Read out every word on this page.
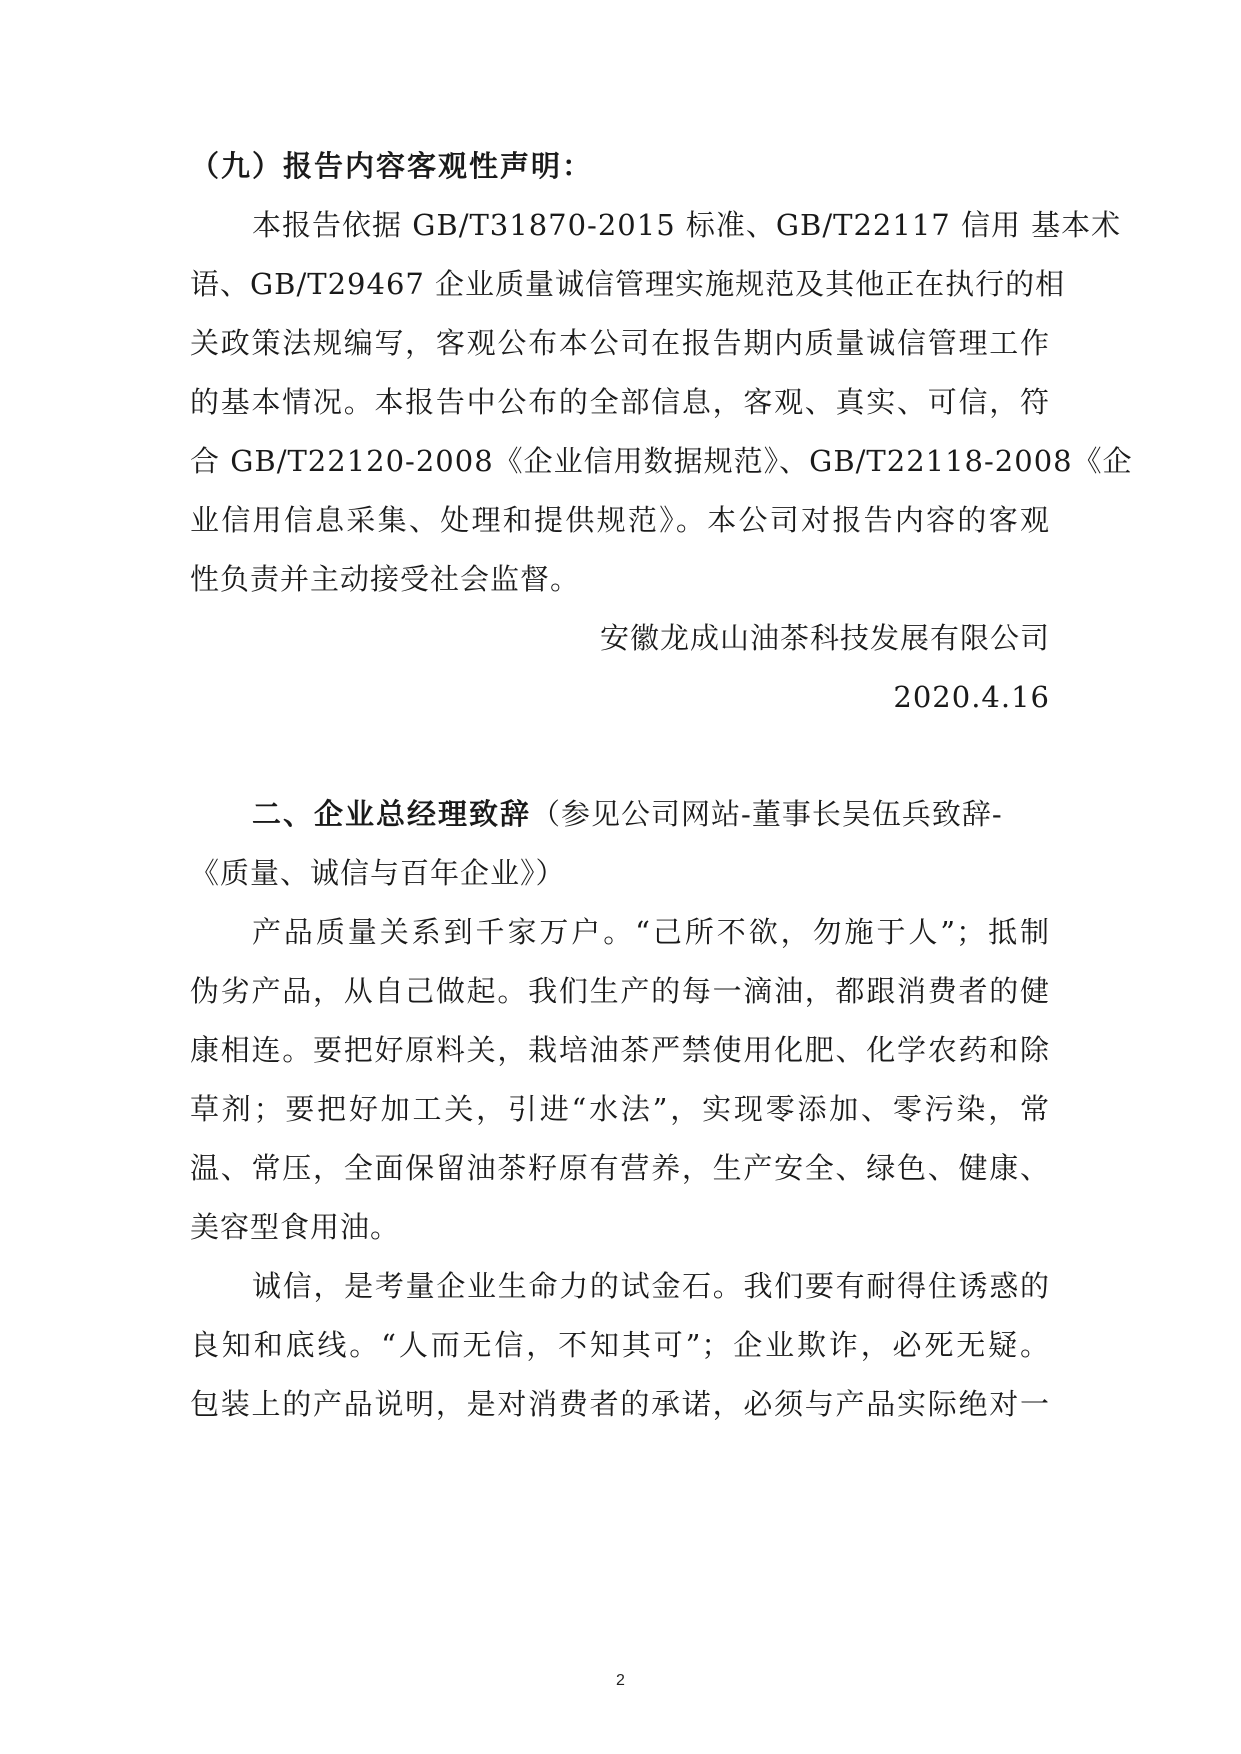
（九）报告内容客观性声明：
本报告依据 GB/T31870-2015 标准、GB/T22117 信用 基本术
语、GB/T29467 企业质量诚信管理实施规范及其他正在执行的相
关政策法规编写，客观公布本公司在报告期内质量诚信管理工作
的基本情况。本报告中公布的全部信息，客观、真实、可信，符
合 GB/T22120-2008《企业信用数据规范》、GB/T22118-2008《企
业信用信息采集、处理和提供规范》。本公司对报告内容的客观
性负责并主动接受社会监督。
安徽龙成山油茶科技发展有限公司
2020.4.16
二、企业总经理致辞（参见公司网站-董事长吴伍兵致辞-
《质量、诚信与百年企业》）
产品质量关系到千家万户。“己所不欲，勿施于人”；抵制
伪劣产品，从自己做起。我们生产的每一滴油，都跟消费者的健
康相连。要把好原料关，栽培油茶严禁使用化肥、化学农药和除
草剂；要把好加工关，引进“水法”，实现零添加、零污染，常
温、常压，全面保留油茶籽原有营养，生产安全、绿色、健康、
美容型食用油。
诚信，是考量企业生命力的试金石。我们要有耐得住诱惑的
良知和底线。“人而无信，不知其可”；企业欺诈，必死无疑。
包装上的产品说明，是对消费者的承诺，必须与产品实际绝对一
2
